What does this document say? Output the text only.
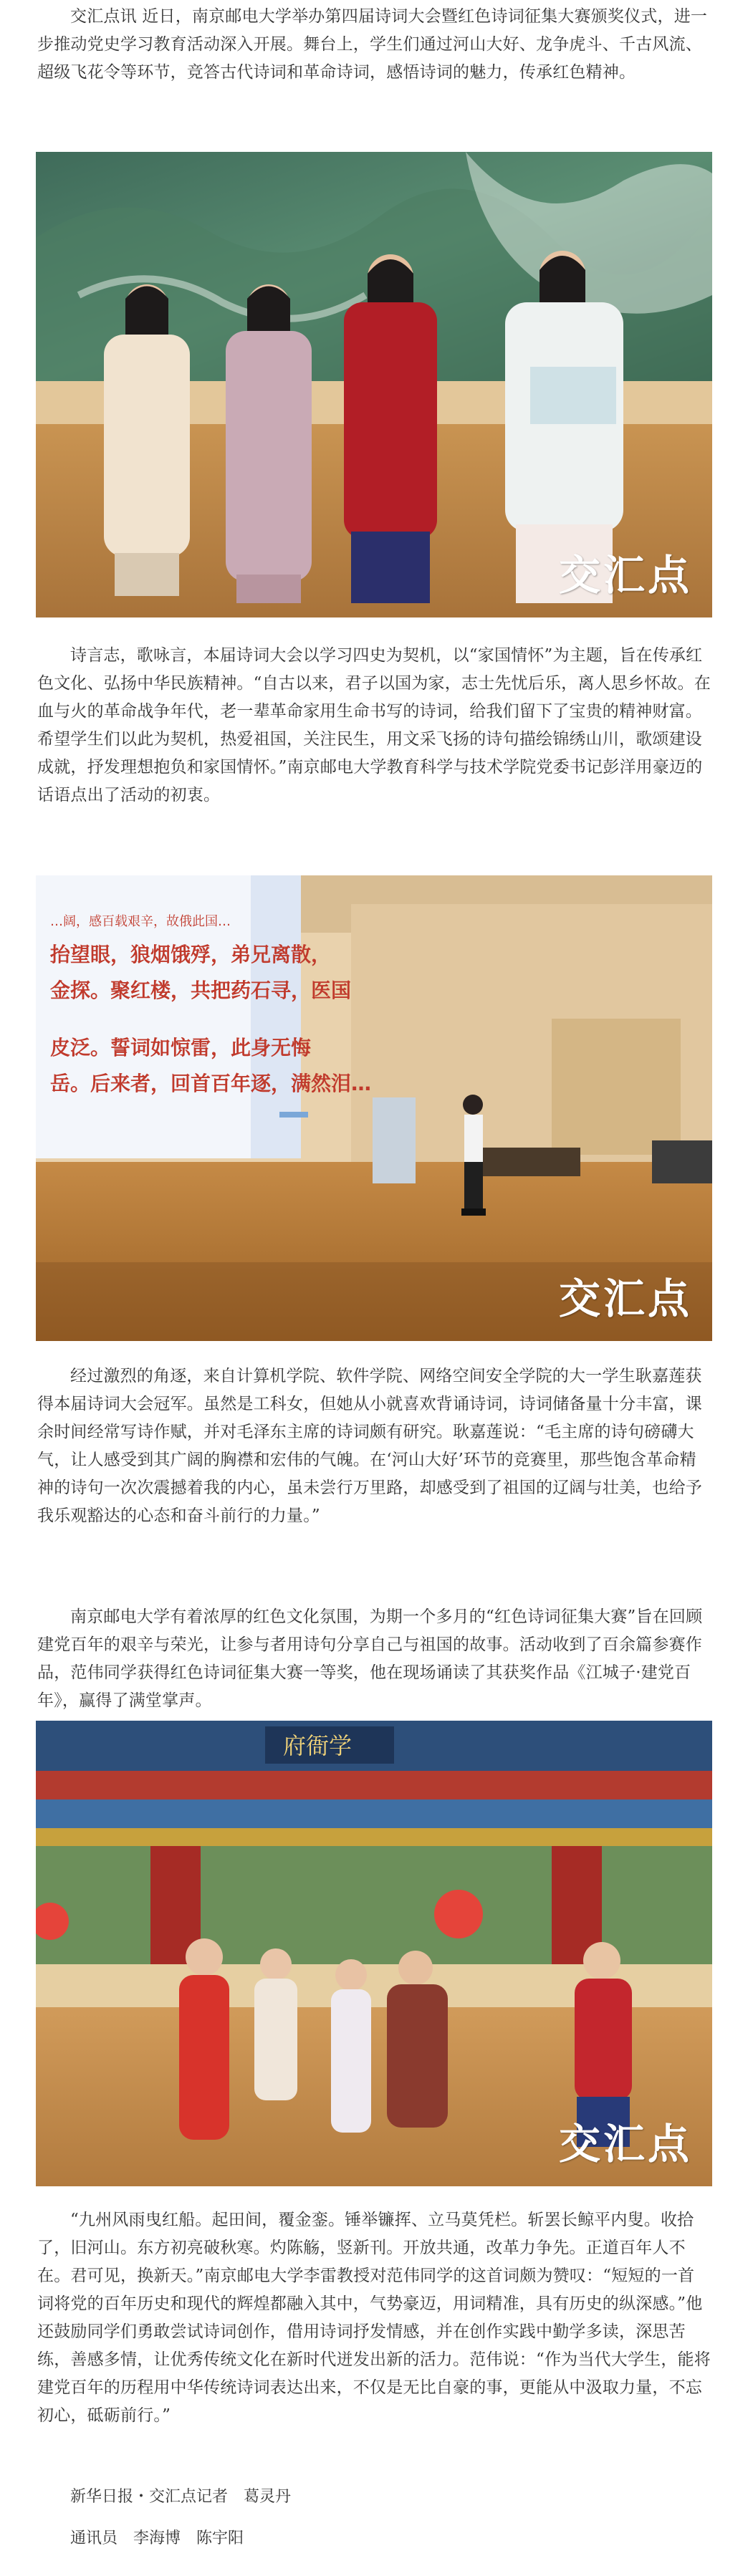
交汇点讯 近日，南京邮电大学举办第四届诗词大会暨红色诗词征集大赛颁奖仪式，进一步推动党史学习教育活动深入开展。舞台上，学生们通过河山大好、龙争虎斗、千古风流、超级飞花令等环节，竞答古代诗词和革命诗词，感悟诗词的魅力，传承红色精神。

交汇点

诗言志，歌咏言，本届诗词大会以学习四史为契机，以“家国情怀”为主题，旨在传承红色文化、弘扬中华民族精神。“自古以来，君子以国为家，志士先忧后乐，离人思乡怀故。在血与火的革命战争年代，老一辈革命家用生命书写的诗词，给我们留下了宝贵的精神财富。希望学生们以此为契机，热爱祖国，关注民生，用文采飞扬的诗句描绘锦绣山川，歌颂建设成就，抒发理想抱负和家国情怀。”南京邮电大学教育科学与技术学院党委书记彭洋用豪迈的话语点出了活动的初衷。

…阔，感百载艰辛，故俄此国…
抬望眼，狼烟饿殍，弟兄离散，
金探。聚红楼，共把药石寻，医国
皮泛。誓词如惊雷，此身无悔
岳。后来者，回首百年逐，满然泪…
交汇点

经过激烈的角逐，来自计算机学院、软件学院、网络空间安全学院的大一学生耿嘉莲获得本届诗词大会冠军。虽然是工科女，但她从小就喜欢背诵诗词，诗词储备量十分丰富，课余时间经常写诗作赋，并对毛泽东主席的诗词颇有研究。耿嘉莲说：“毛主席的诗句磅礴大气，让人感受到其广阔的胸襟和宏伟的气魄。在‘河山大好’环节的竞赛里，那些饱含革命精神的诗句一次次震撼着我的内心，虽未尝行万里路，却感受到了祖国的辽阔与壮美，也给予我乐观豁达的心态和奋斗前行的力量。”

南京邮电大学有着浓厚的红色文化氛围，为期一个多月的“红色诗词征集大赛”旨在回顾建党百年的艰辛与荣光，让参与者用诗句分享自己与祖国的故事。活动收到了百余篇参赛作品，范伟同学获得红色诗词征集大赛一等奖，他在现场诵读了其获奖作品《江城子·建党百年》，赢得了满堂掌声。

府衙学
交汇点

“九州风雨曳红船。起田间，覆金銮。锤举镰挥、立马莫凭栏。斩罢长鲸平内叟。收拾了，旧河山。东方初亮破秋寒。灼陈觞，竖新刊。开放共通，改革力争先。正道百年人不在。君可见，换新天。”南京邮电大学李雷教授对范伟同学的这首词颇为赞叹：“短短的一首词将党的百年历史和现代的辉煌都融入其中，气势豪迈，用词精准，具有历史的纵深感。”他还鼓励同学们勇敢尝试诗词创作，借用诗词抒发情感，并在创作实践中勤学多读，深思苦练，善感多情，让优秀传统文化在新时代迸发出新的活力。范伟说：“作为当代大学生，能将建党百年的历程用中华传统诗词表达出来，不仅是无比自豪的事，更能从中汲取力量，不忘初心，砥砺前行。”

新华日报・交汇点记者　葛灵丹

通讯员　李海博　陈宇阳
